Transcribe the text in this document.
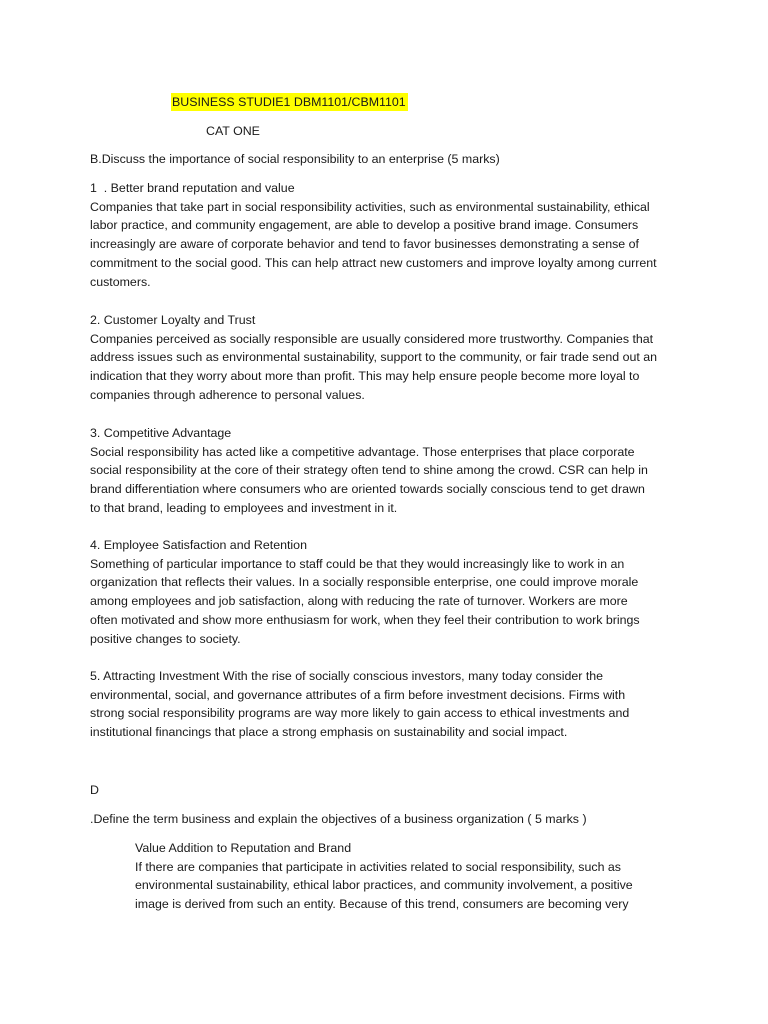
BUSINESS STUDIE1 DBM1101/CBM1101
CAT ONE

B.Discuss the importance of social responsibility to an enterprise (5 marks)

1  . Better brand reputation and value

Companies that take part in social responsibility activities, such as environmental sustainability, ethical

labor practice, and community engagement, are able to develop a positive brand image. Consumers

increasingly are aware of corporate behavior and tend to favor businesses demonstrating a sense of

commitment to the social good. This can help attract new customers and improve loyalty among current

customers.

2. Customer Loyalty and Trust

Companies perceived as socially responsible are usually considered more trustworthy. Companies that

address issues such as environmental sustainability, support to the community, or fair trade send out an

indication that they worry about more than profit. This may help ensure people become more loyal to

companies through adherence to personal values.

3. Competitive Advantage

Social responsibility has acted like a competitive advantage. Those enterprises that place corporate

social responsibility at the core of their strategy often tend to shine among the crowd. CSR can help in

brand differentiation where consumers who are oriented towards socially conscious tend to get drawn

to that brand, leading to employees and investment in it.

4. Employee Satisfaction and Retention

Something of particular importance to staff could be that they would increasingly like to work in an

organization that reflects their values. In a socially responsible enterprise, one could improve morale

among employees and job satisfaction, along with reducing the rate of turnover. Workers are more

often motivated and show more enthusiasm for work, when they feel their contribution to work brings

positive changes to society.

5. Attracting Investment With the rise of socially conscious investors, many today consider the

environmental, social, and governance attributes of a firm before investment decisions. Firms with

strong social responsibility programs are way more likely to gain access to ethical investments and

institutional financings that place a strong emphasis on sustainability and social impact.

D

.Define the term business and explain the objectives of a business organization ( 5 marks )

Value Addition to Reputation and Brand

If there are companies that participate in activities related to social responsibility, such as

environmental sustainability, ethical labor practices, and community involvement, a positive

image is derived from such an entity. Because of this trend, consumers are becoming very
